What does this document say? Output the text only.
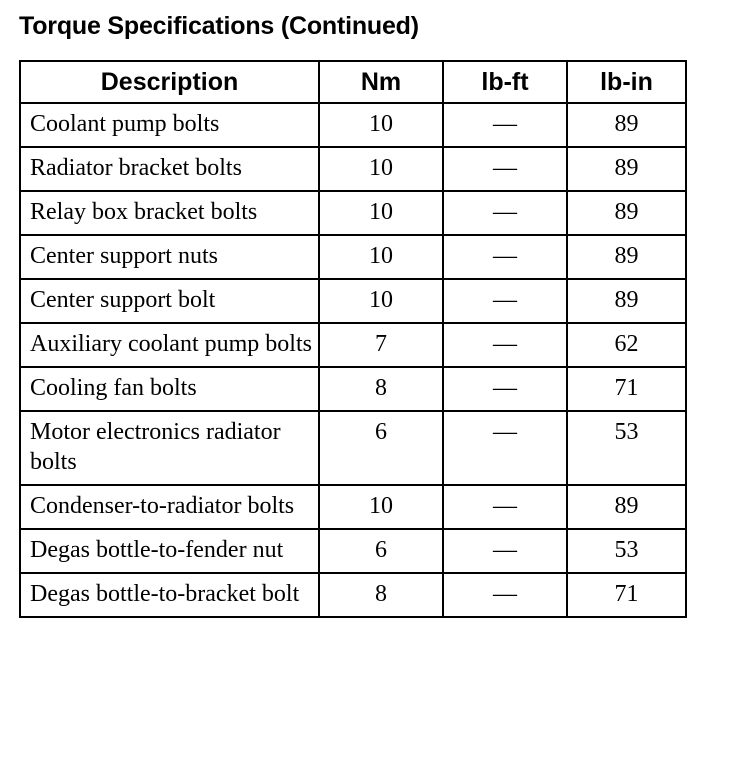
Torque Specifications (Continued)
Description	Nm	lb-ft	lb-in
Coolant pump bolts	10	—	89
Radiator bracket bolts	10	—	89
Relay box bracket bolts	10	—	89
Center support nuts	10	—	89
Center support bolt	10	—	89
Auxiliary coolant pump bolts	7	—	62
Cooling fan bolts	8	—	71
Motor electronics radiator bolts	6	—	53
Condenser-to-radiator bolts	10	—	89
Degas bottle-to-fender nut	6	—	53
Degas bottle-to-bracket bolt	8	—	71
